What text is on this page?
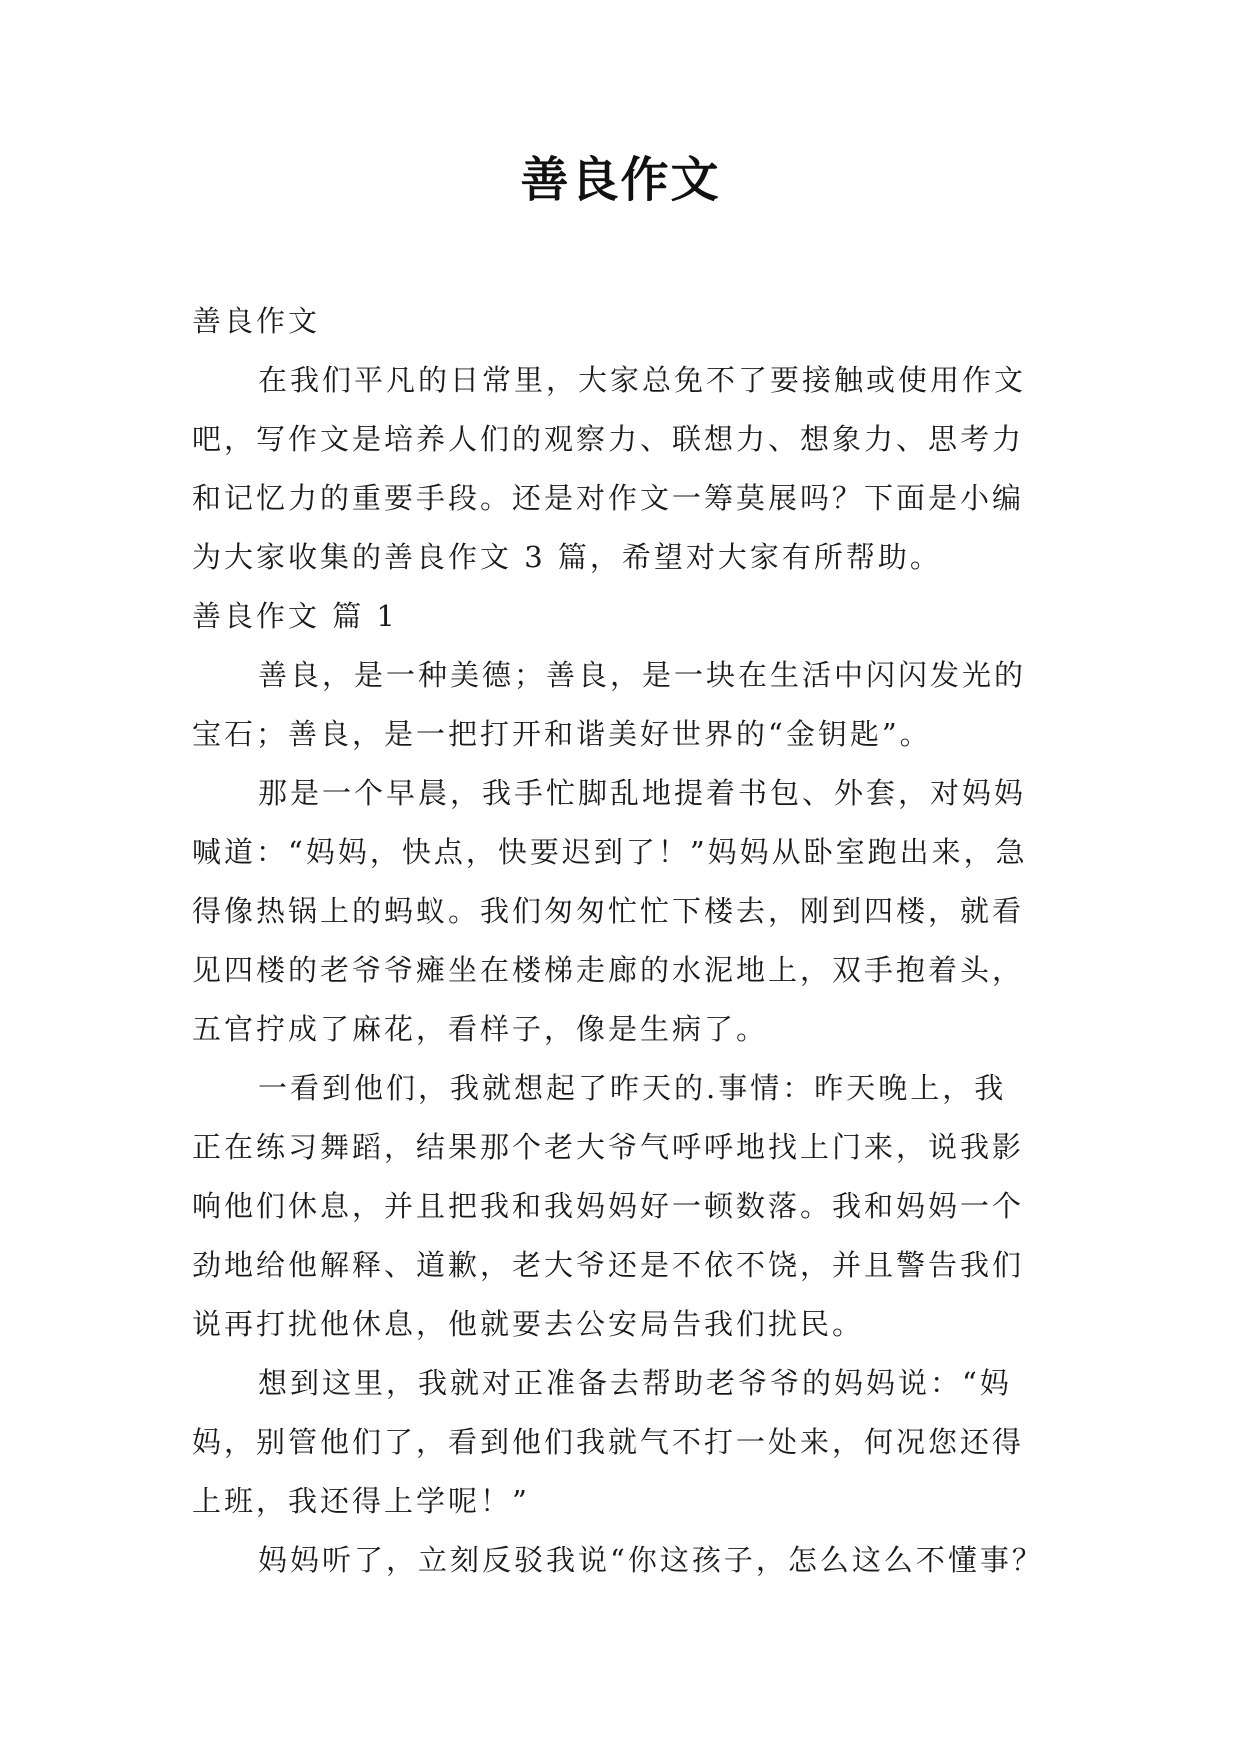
善良作文

善良作文

在我们平凡的日常里，大家总免不了要接触或使用作文

吧，写作文是培养人们的观察力、联想力、想象力、思考力

和记忆力的重要手段。还是对作文一筹莫展吗？下面是小编

为大家收集的善良作文 3 篇，希望对大家有所帮助。

善良作文 篇 1

善良，是一种美德；善良，是一块在生活中闪闪发光的

宝石；善良，是一把打开和谐美好世界的“金钥匙”。

那是一个早晨，我手忙脚乱地提着书包、外套，对妈妈

喊道：“妈妈，快点，快要迟到了！”妈妈从卧室跑出来，急

得像热锅上的蚂蚁。我们匆匆忙忙下楼去，刚到四楼，就看

见四楼的老爷爷瘫坐在楼梯走廊的水泥地上，双手抱着头，

五官拧成了麻花，看样子，像是生病了。

一看到他们，我就想起了昨天的.事情：昨天晚上，我

正在练习舞蹈，结果那个老大爷气呼呼地找上门来，说我影

响他们休息，并且把我和我妈妈好一顿数落。我和妈妈一个

劲地给他解释、道歉，老大爷还是不依不饶，并且警告我们

说再打扰他休息，他就要去公安局告我们扰民。

想到这里，我就对正准备去帮助老爷爷的妈妈说：“妈

妈，别管他们了，看到他们我就气不打一处来，何况您还得

上班，我还得上学呢！”

妈妈听了，立刻反驳我说“你这孩子，怎么这么不懂事？
